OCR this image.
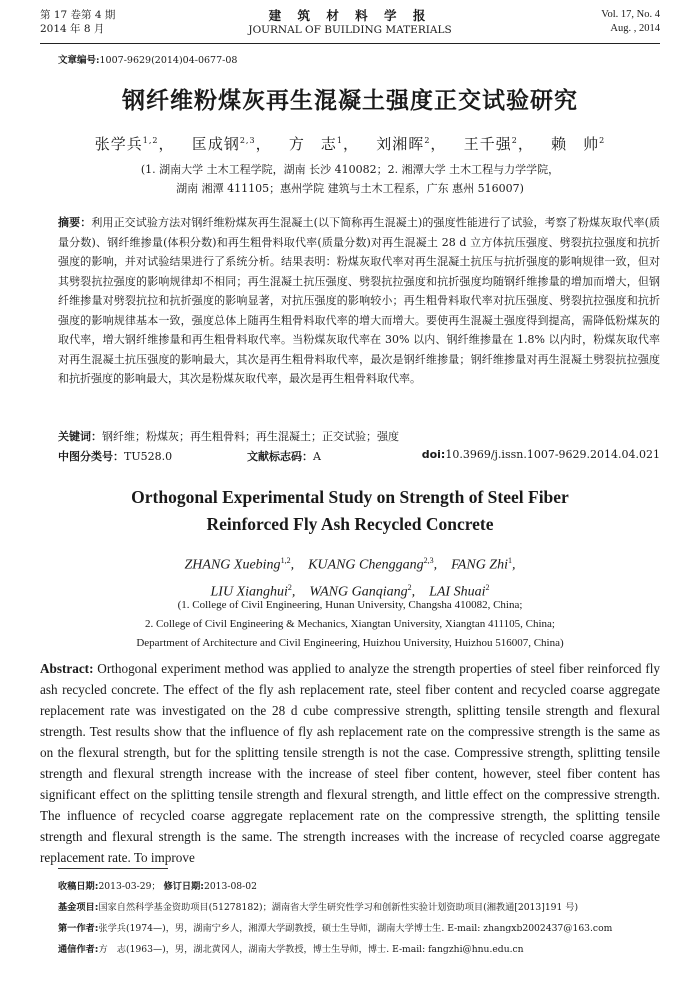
第 17 卷第 4 期
2014 年 8 月
建 筑 材 料 学 报
JOURNAL OF BUILDING MATERIALS
Vol. 17, No. 4
Aug. , 2014
文章编号:1007-9629(2014)04-0677-08
钢纤维粉煤灰再生混凝土强度正交试验研究
张学兵$^{1,2}$，   匡成钢$^{2,3}$，   方　志$^1$，   刘湘晖$^2$，   王千强$^2$，   赖　帅$^2$
(1. 湖南大学 土木工程学院，湖南 长沙 410082；2. 湘潭大学 土木工程与力学学院，
湖南 湘潭 411105；惠州学院 建筑与土木工程系，广东 惠州 516007)
摘要：利用正交试验方法对钢纤维粉煤灰再生混凝土(以下简称再生混凝土)的强度性能进行了试验，考察了粉煤灰取代率(质量分数)、钢纤维掺量(体积分数)和再生粗骨料取代率(质量分数)对再生混凝土 28 d 立方体抗压强度、劈裂抗拉强度和抗折强度的影响，并对试验结果进行了系统分析。结果表明：粉煤灰取代率对再生混凝土抗压与抗折强度的影响规律一致，但对其劈裂抗拉强度的影响规律却不相同；再生混凝土抗压强度、劈裂抗拉强度和抗折强度均随钢纤维掺量的增加而增大，但钢纤维掺量对劈裂抗拉和抗折强度的影响显著，对抗压强度的影响较小；再生粗骨料取代率对抗压强度、劈裂抗拉强度和抗折强度的影响规律基本一致，强度总体上随再生粗骨料取代率的增大而增大。要使再生混凝土强度得到提高，需降低粉煤灰的取代率，增大钢纤维掺量和再生粗骨料取代率。当粉煤灰取代率在 30% 以内、钢纤维掺量在 1.8% 以内时，粉煤灰取代率对再生混凝土抗压强度的影响最大，其次是再生粗骨料取代率，最次是钢纤维掺量；钢纤维掺量对再生混凝土劈裂抗拉强度和抗折强度的影响最大，其次是粉煤灰取代率，最次是再生粗骨料取代率。
关键词：钢纤维；粉煤灰；再生粗骨料；再生混凝土；正交试验；强度
中图分类号：TU528.0	文献标志码：A	doi:10.3969/j.issn.1007-9629.2014.04.021
Orthogonal Experimental Study on Strength of Steel Fiber
Reinforced Fly Ash Recycled Concrete
ZHANG Xuebing$^{1,2}$,    KUANG Chenggang$^{2,3}$,    FANG Zhi$^1$,
LIU Xianghui$^2$,    WANG Ganqiang$^2$,    LAI Shuai$^2$
(1. College of Civil Engineering, Hunan University, Changsha 410082, China;
2. College of Civil Engineering & Mechanics, Xiangtan University, Xiangtan 411105, China;
Department of Architecture and Civil Engineering, Huizhou University, Huizhou 516007, China)
Abstract: Orthogonal experiment method was applied to analyze the strength properties of steel fiber reinforced fly ash recycled concrete. The effect of the fly ash replacement rate, steel fiber content and recycled coarse aggregate replacement rate was investigated on the 28 d cube compressive strength, splitting tensile strength and flexural strength. Test results show that the influence of fly ash replacement rate on the compressive strength is the same as on the flexural strength, but for the splitting tensile strength is not the case. Compressive strength, splitting tensile strength and flexural strength increase with the increase of steel fiber content, however, steel fiber content has significant effect on the splitting tensile strength and flexural strength, and little effect on the compressive strength. The influence of recycled coarse aggregate replacement rate on the compressive strength, the splitting tensile strength and flexural strength is the same. The strength increases with the increase of recycled coarse aggregate replacement rate. To improve
收稿日期:2013-03-29； 修订日期:2013-08-02
基金项目:国家自然科学基金资助项目(51278182)；湖南省大学生研究性学习和创新性实验计划资助项目(湘教通[2013]191 号)
第一作者:张学兵(1974—)，男，湖南宁乡人，湘潭大学副教授，硕士生导师，湖南大学博士生. E-mail: zhangxb2002437@163.com
通信作者:方　志(1963—)，男，湖北黄冈人，湖南大学教授，博士生导师，博士. E-mail: fangzhi@hnu.edu.cn
